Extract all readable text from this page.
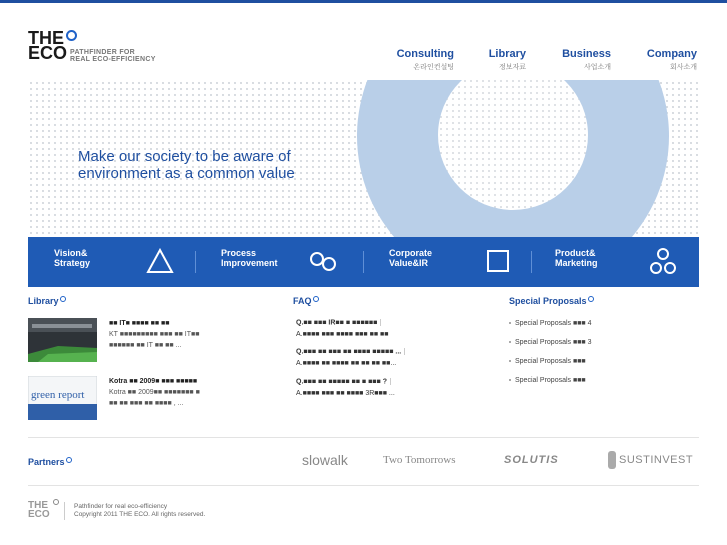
THE
ECO PATHFINDER FOR
REAL ECO-EFFICIENCY	Consulting
온라인컨설팅
Library
정보자료
Business
사업소개
Company
회사소개
Make our society to be aware of
environment as a common value
Vision&
Strategy
Process
Improvement
Corporate
Value&IR
Product&
Marketing
Library
■■ IT■ ■■■■ ■■ ■■
KT ■■■■■■■■■ ■■■ ■■ IT■■
■■■■■■ ■■ IT ■■ ■■ ...
green report
Kotra ■■ 2009■ ■■■ ■■■■■
Kotra ■■ 2009■■ ■■■■■■■ ■
■■ ■■ ■■■ ■■ ■■■■ , ...
FAQ
Q.■■ ■■■ IR■■ ■ ■■■■■■
A.■■■■ ■■■ ■■■■ ■■■ ■■ ■■
Q.■■■ ■■ ■■■ ■■ ■■■■ ■■■■■ ...
A.■■■■ ■■ ■■■■ ■■ ■■ ■■ ■■...
Q.■■■ ■■ ■■■■■ ■■ ■ ■■■ ?
A.■■■■ ■■■ ■■ ■■■■ 3R■■■ ...
Special Proposals
Special Proposals ■■■ 4
Special Proposals ■■■ 3
Special Proposals ■■■
Special Proposals ■■■
Partners	slowalk	Two Tomorrows	SOLUTIS	SUSTINVEST
THE
ECO
Pathfinder for real eco-efficiency
Copyright 2011 THE ECO. All rights reserved.
